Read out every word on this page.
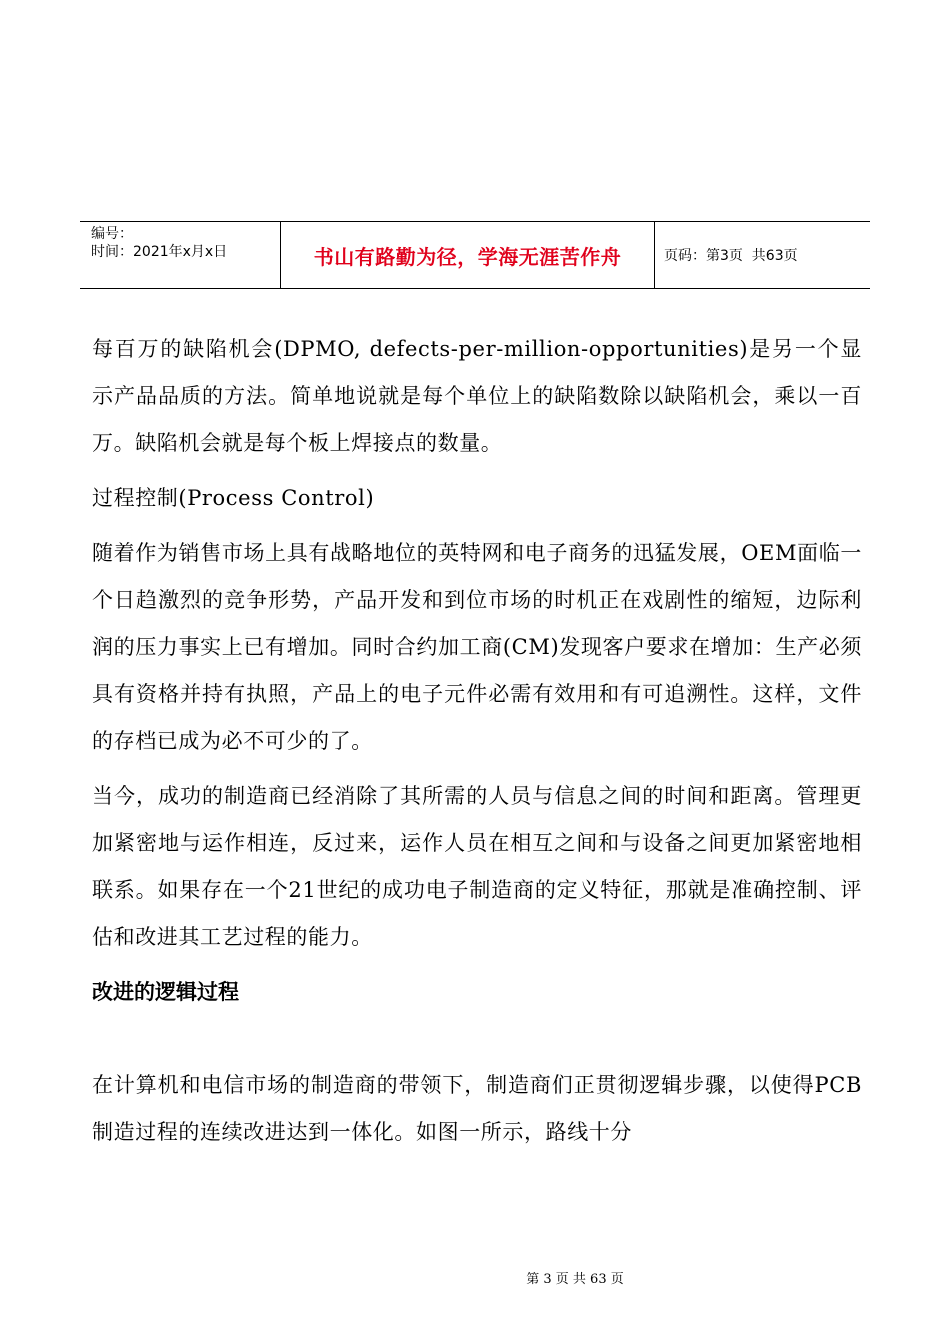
编号：
时间：2021年x月x日	书山有路勤为径，学海无涯苦作舟	页码：第3页  共63页

每百万的缺陷机会(DPMO, defects-per-million-opportunities)是另一个显示产品品质的方法。简单地说就是每个单位上的缺陷数除以缺陷机会，乘以一百万。缺陷机会就是每个板上焊接点的数量。

过程控制(Process Control)

随着作为销售市场上具有战略地位的英特网和电子商务的迅猛发展，OEM面临一个日趋激烈的竞争形势，产品开发和到位市场的时机正在戏剧性的缩短，边际利润的压力事实上已有增加。同时合约加工商(CM)发现客户要求在增加：生产必须具有资格并持有执照，产品上的电子元件必需有效用和有可追溯性。这样，文件的存档已成为必不可少的了。

当今，成功的制造商已经消除了其所需的人员与信息之间的时间和距离。管理更加紧密地与运作相连，反过来，运作人员在相互之间和与设备之间更加紧密地相联系。如果存在一个21世纪的成功电子制造商的定义特征，那就是准确控制、评估和改进其工艺过程的能力。

改进的逻辑过程

在计算机和电信市场的制造商的带领下，制造商们正贯彻逻辑步骤，以使得PCB制造过程的连续改进达到一体化。如图一所示，路线十分

第 3 页 共 63 页
